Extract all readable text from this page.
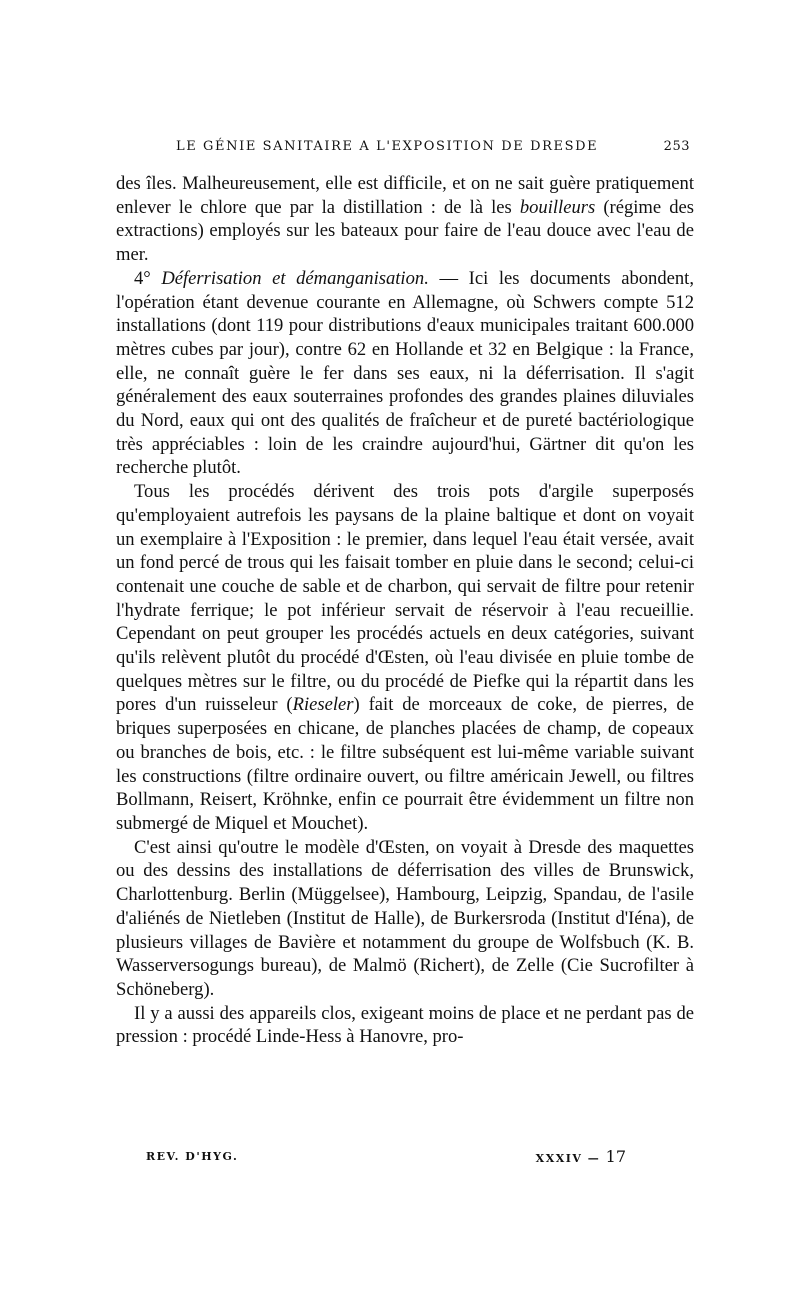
LE GÉNIE SANITAIRE A L'EXPOSITION DE DRESDE	253

des îles. Malheureusement, elle est difficile, et on ne sait guère pratiquement enlever le chlore que par la distillation : de là les bouilleurs (régime des extractions) employés sur les bateaux pour faire de l'eau douce avec l'eau de mer.

4° Déferrisation et démanganisation. — Ici les documents abondent, l'opération étant devenue courante en Allemagne, où Schwers compte 512 installations (dont 119 pour distributions d'eaux municipales traitant 600.000 mètres cubes par jour), contre 62 en Hollande et 32 en Belgique : la France, elle, ne connaît guère le fer dans ses eaux, ni la déferrisation. Il s'agit généralement des eaux souterraines profondes des grandes plaines diluviales du Nord, eaux qui ont des qualités de fraîcheur et de pureté bactériologique très appréciables : loin de les craindre aujourd'hui, Gärtner dit qu'on les recherche plutôt.

Tous les procédés dérivent des trois pots d'argile superposés qu'employaient autrefois les paysans de la plaine baltique et dont on voyait un exemplaire à l'Exposition : le premier, dans lequel l'eau était versée, avait un fond percé de trous qui les faisait tomber en pluie dans le second; celui-ci contenait une couche de sable et de charbon, qui servait de filtre pour retenir l'hydrate ferrique; le pot inférieur servait de réservoir à l'eau recueillie. Cependant on peut grouper les procédés actuels en deux catégories, suivant qu'ils relèvent plutôt du procédé d'Œsten, où l'eau divisée en pluie tombe de quelques mètres sur le filtre, ou du procédé de Piefke qui la répartit dans les pores d'un ruisseleur (Rieseler) fait de morceaux de coke, de pierres, de briques superposées en chicane, de planches placées de champ, de copeaux ou branches de bois, etc. : le filtre subséquent est lui-même variable suivant les constructions (filtre ordinaire ouvert, ou filtre américain Jewell, ou filtres Bollmann, Reisert, Kröhnke, enfin ce pourrait être évidemment un filtre non submergé de Miquel et Mouchet).

C'est ainsi qu'outre le modèle d'Œsten, on voyait à Dresde des maquettes ou des dessins des installations de déferrisation des villes de Brunswick, Charlottenburg. Berlin (Müggelsee), Hambourg, Leipzig, Spandau, de l'asile d'aliénés de Nietleben (Institut de Halle), de Burkersroda (Institut d'Iéna), de plusieurs villages de Bavière et notamment du groupe de Wolfsbuch (K. B. Wasserversogungs bureau), de Malmö (Richert), de Zelle (Cie Sucrofilter à Schöneberg).

Il y a aussi des appareils clos, exigeant moins de place et ne perdant pas de pression : procédé Linde-Hess à Hanovre, pro-

REV. D'HYG.	XXXIV — 17
